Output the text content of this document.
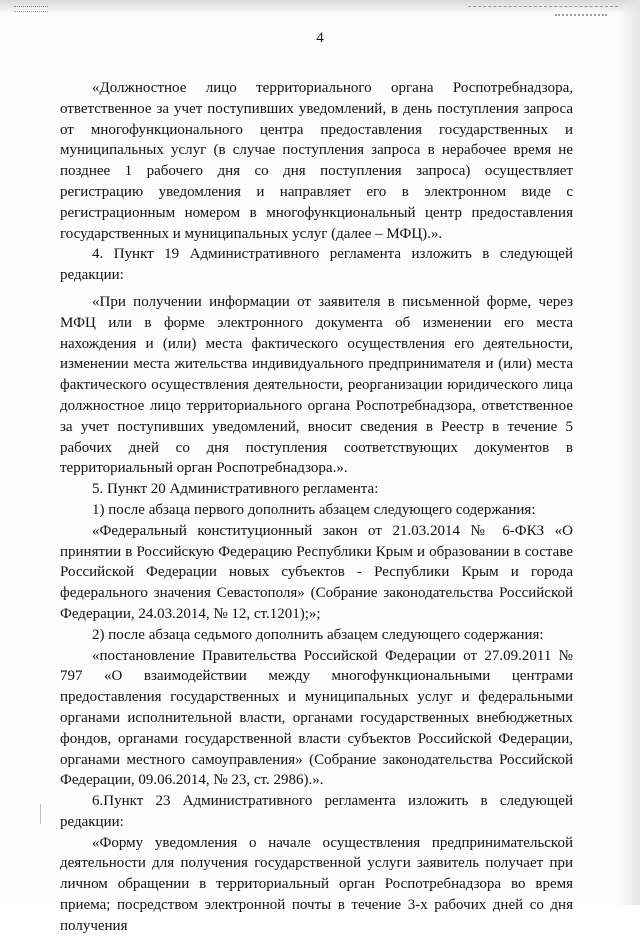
4

«Должностное лицо территориального органа Роспотребнадзора, ответственное за учет поступивших уведомлений, в день поступления запроса от многофункционального центра предоставления государственных и муниципальных услуг (в случае поступления запроса в нерабочее время не позднее 1 рабочего дня со дня поступления запроса) осуществляет регистрацию уведомления и направляет его в электронном виде с регистрационным номером в многофункциональный центр предоставления государственных и муниципальных услуг (далее – МФЦ).».

4. Пункт 19 Административного регламента изложить в следующей редакции:

«При получении информации от заявителя в письменной форме, через МФЦ или в форме электронного документа об изменении его места нахождения и (или) места фактического осуществления его деятельности, изменении места жительства индивидуального предпринимателя и (или) места фактического осуществления деятельности, реорганизации юридического лица должностное лицо территориального органа Роспотребнадзора, ответственное за учет поступивших уведомлений, вносит сведения в Реестр в течение 5 рабочих дней со дня поступления соответствующих документов в территориальный орган Роспотребнадзора.».

5. Пункт 20 Административного регламента:

1) после абзаца первого дополнить абзацем следующего содержания:

«Федеральный конституционный закон от 21.03.2014 № 6-ФКЗ «О принятии в Российскую Федерацию Республики Крым и образовании в составе Российской Федерации новых субъектов - Республики Крым и города федерального значения Севастополя» (Собрание законодательства Российской Федерации, 24.03.2014, № 12, ст.1201);»;

2) после абзаца седьмого дополнить абзацем следующего содержания:

«постановление Правительства Российской Федерации от 27.09.2011 № 797 «О взаимодействии между многофункциональными центрами предоставления государственных и муниципальных услуг и федеральными органами исполнительной власти, органами государственных внебюджетных фондов, органами государственной власти субъектов Российской Федерации, органами местного самоуправления» (Собрание законодательства Российской Федерации, 09.06.2014, № 23, ст. 2986).».

6.Пункт 23 Административного регламента изложить в следующей редакции:

«Форму уведомления о начале осуществления предпринимательской деятельности для получения государственной услуги заявитель получает при личном обращении в территориальный орган Роспотребнадзора во время приема; посредством электронной почты в течение 3-х рабочих дней со дня получения
